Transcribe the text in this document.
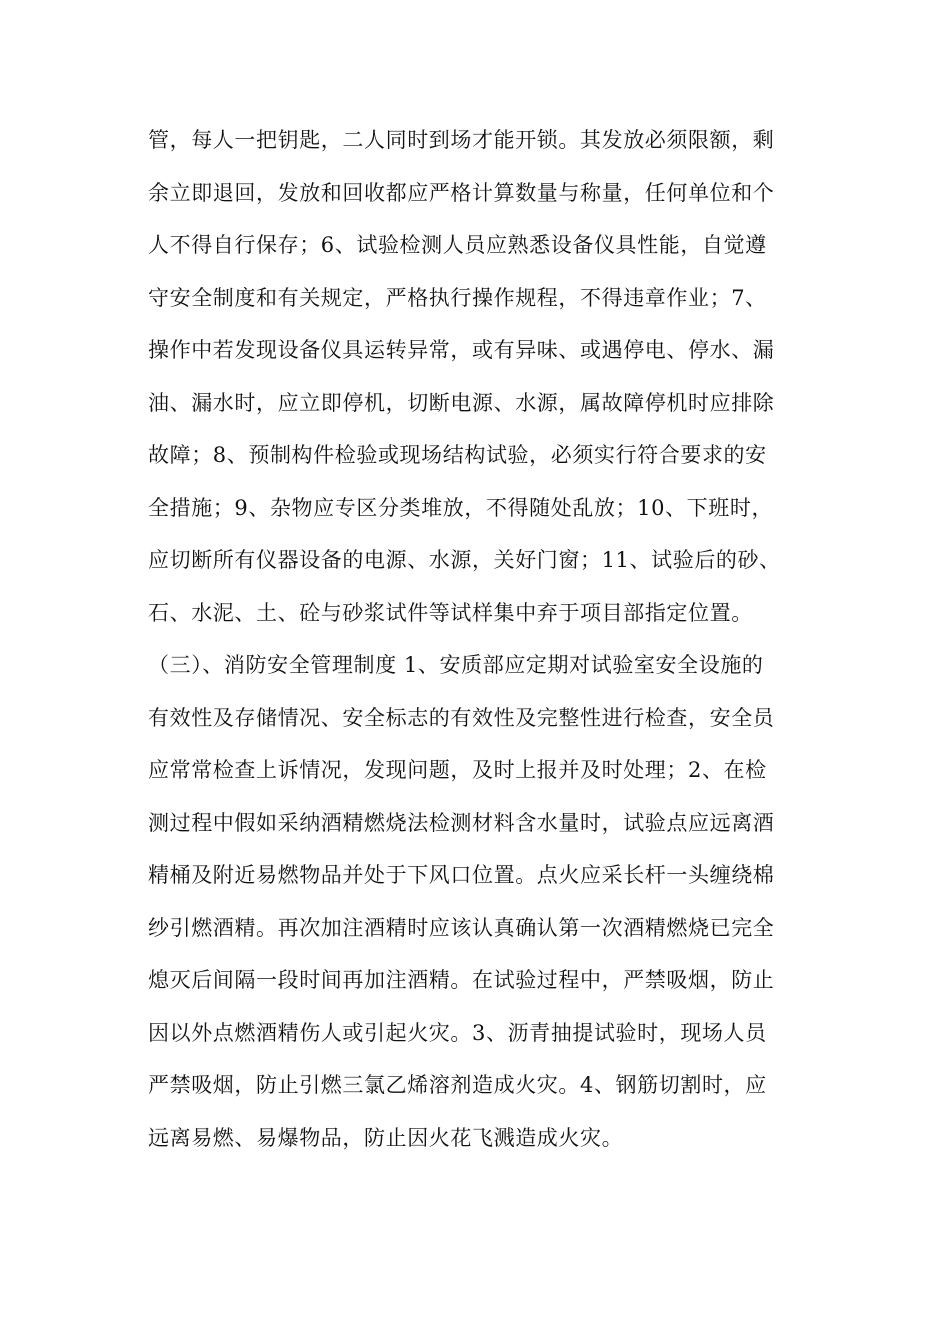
管，每人一把钥匙，二人同时到场才能开锁。其发放必须限额，剩
余立即退回，发放和回收都应严格计算数量与称量，任何单位和个
人不得自行保存；6、试验检测人员应熟悉设备仪具性能，自觉遵
守安全制度和有关规定，严格执行操作规程，不得违章作业；7、
操作中若发现设备仪具运转异常，或有异味、或遇停电、停水、漏
油、漏水时，应立即停机，切断电源、水源，属故障停机时应排除
故障；8、预制构件检验或现场结构试验，必须实行符合要求的安
全措施；9、杂物应专区分类堆放，不得随处乱放；10、下班时，
应切断所有仪器设备的电源、水源，关好门窗；11、试验后的砂、
石、水泥、土、砼与砂浆试件等试样集中弃于项目部指定位置。
（三）、消防安全管理制度 1、安质部应定期对试验室安全设施的
有效性及存储情况、安全标志的有效性及完整性进行检查，安全员
应常常检查上诉情况，发现问题，及时上报并及时处理；2、在检
测过程中假如采纳酒精燃烧法检测材料含水量时，试验点应远离酒
精桶及附近易燃物品并处于下风口位置。点火应采长杆一头缠绕棉
纱引燃酒精。再次加注酒精时应该认真确认第一次酒精燃烧已完全
熄灭后间隔一段时间再加注酒精。在试验过程中，严禁吸烟，防止
因以外点燃酒精伤人或引起火灾。3、沥青抽提试验时，现场人员
严禁吸烟，防止引燃三氯乙烯溶剂造成火灾。4、钢筋切割时，应
远离易燃、易爆物品，防止因火花飞溅造成火灾。
